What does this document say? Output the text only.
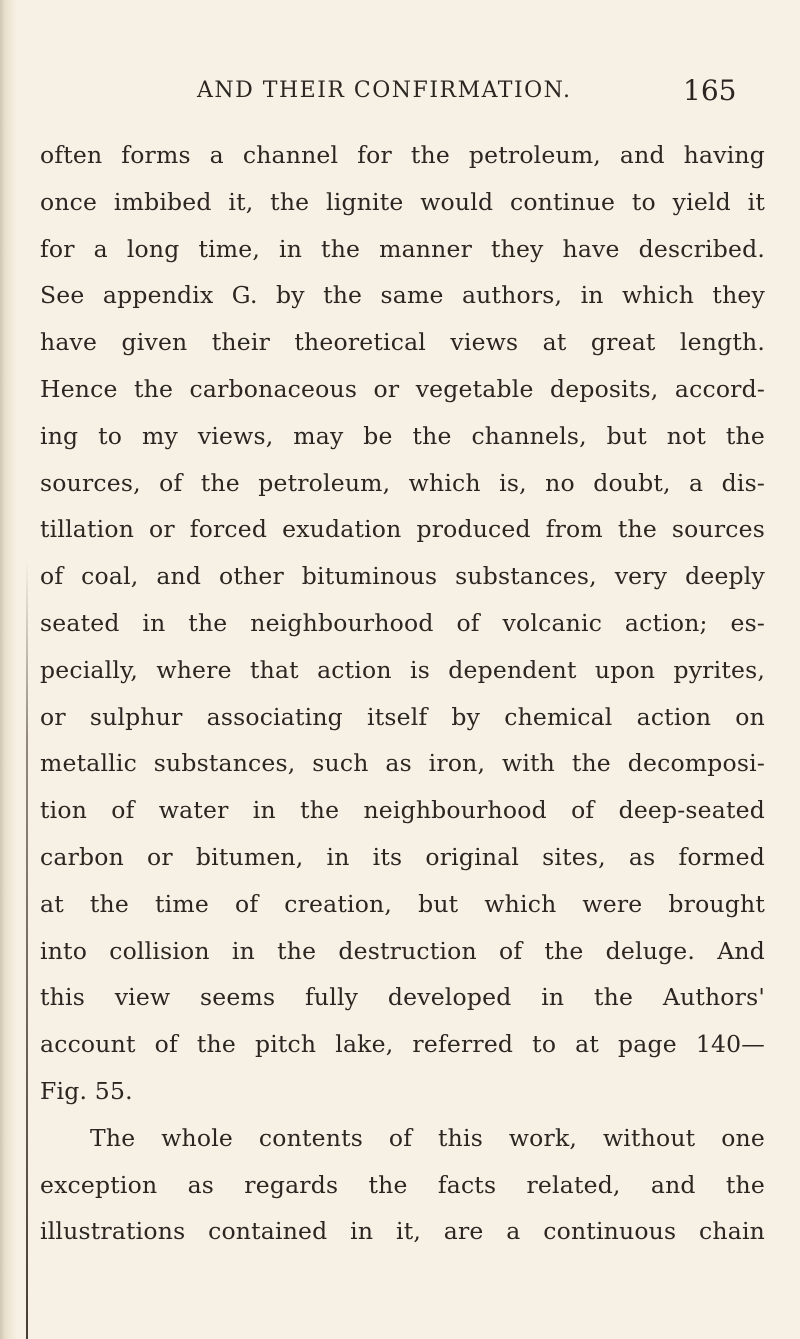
AND THEIR CONFIRMATION.	165
often forms a channel for the petroleum, and having
once imbibed it, the lignite would continue to yield it
for a long time, in the manner they have described.
See appendix G. by the same authors, in which they
have given their theoretical views at great length.
Hence the carbonaceous or vegetable deposits, accord-
ing to my views, may be the channels, but not the
sources, of the petroleum, which is, no doubt, a dis-
tillation or forced exudation produced from the sources
of coal, and other bituminous substances, very deeply
seated in the neighbourhood of volcanic action; es-
pecially, where that action is dependent upon pyrites,
or sulphur associating itself by chemical action on
metallic substances, such as iron, with the decomposi-
tion of water in the neighbourhood of deep-seated
carbon or bitumen, in its original sites, as formed
at the time of creation, but which were brought
into collision in the destruction of the deluge. And
this view seems fully developed in the Authors'
account of the pitch lake, referred to at page 140—
Fig. 55.
The whole contents of this work, without one
exception as regards the facts related, and the
illustrations contained in it, are a continuous chain
